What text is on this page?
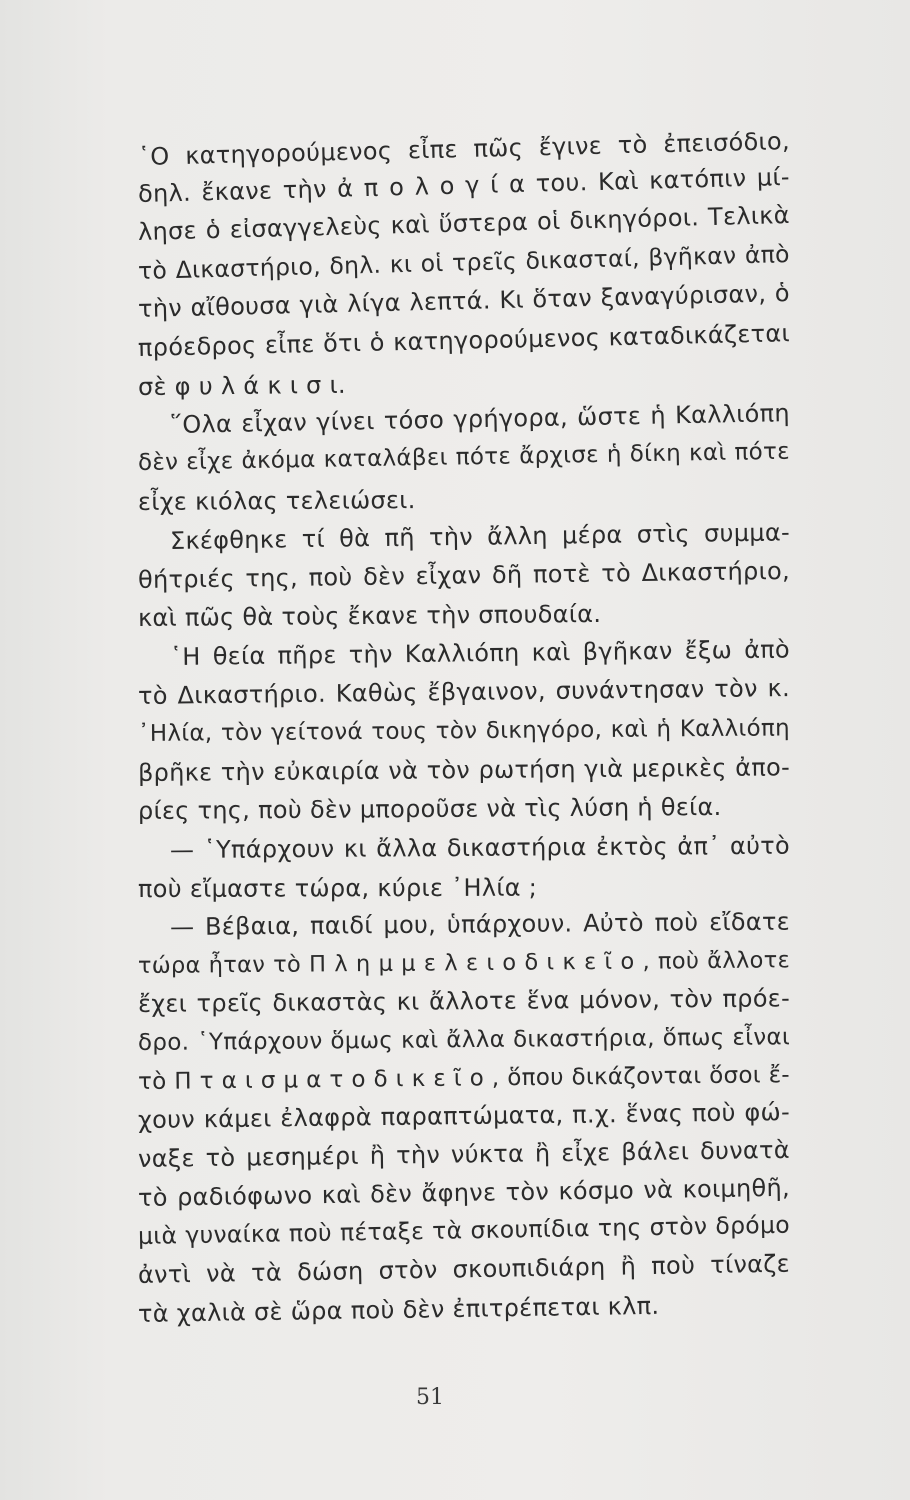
῾Ο κατηγορούμενος εἶπε πῶς ἔγινε τὸ ἐπεισόδιο,
δηλ. ἔκανε τὴν ἀ π ο λ ο γ ί α του. Καὶ κατόπιν μί-
λησε ὁ εἰσαγγελεὺς καὶ ὕστερα οἱ δικηγόροι. Τελικὰ
τὸ Δικαστήριο, δηλ. κι οἱ τρεῖς δικασταί, βγῆκαν ἀπὸ
τὴν αἴθουσα γιὰ λίγα λεπτά. Κι ὅταν ξαναγύρισαν, ὁ
πρόεδρος εἶπε ὅτι ὁ κατηγορούμενος καταδικάζεται
σὲ φ υ λ ά κ ι σ ι.
῞Ολα εἶχαν γίνει τόσο γρήγορα, ὥστε ἡ Καλλιόπη
δὲν εἶχε ἀκόμα καταλάβει πότε ἄρχισε ἡ δίκη καὶ πότε
εἶχε κιόλας τελειώσει.
Σκέφθηκε τί θὰ πῆ τὴν ἄλλη μέρα στὶς συμμα-
θήτριές της, ποὺ δὲν εἶχαν δῆ ποτὲ τὸ Δικαστήριο,
καὶ πῶς θὰ τοὺς ἔκανε τὴν σπουδαία.
῾Η θεία πῆρε τὴν Καλλιόπη καὶ βγῆκαν ἔξω ἀπὸ
τὸ Δικαστήριο. Καθὼς ἔβγαινον, συνάντησαν τὸν κ.
᾿Ηλία, τὸν γείτονά τους τὸν δικηγόρο, καὶ ἡ Καλλιόπη
βρῆκε τὴν εὐκαιρία νὰ τὸν ρωτήση γιὰ μερικὲς ἀπο-
ρίες της, ποὺ δὲν μποροῦσε νὰ τὶς λύση ἡ θεία.
— ῾Υπάρχουν κι ἄλλα δικαστήρια ἐκτὸς ἀπ᾿ αὐτὸ
ποὺ εἴμαστε τώρα, κύριε ᾿Ηλία ;
— Βέβαια, παιδί μου, ὑπάρχουν. Αὐτὸ ποὺ εἴδατε
τώρα ἦταν τὸ Π λ η μ μ ε λ ε ι ο δ ι κ ε ῖ ο , ποὺ ἄλλοτε
ἔχει τρεῖς δικαστὰς κι ἄλλοτε ἕνα μόνον, τὸν πρόε-
δρο. ῾Υπάρχουν ὅμως καὶ ἄλλα δικαστήρια, ὅπως εἶναι
τὸ Π τ α ι σ μ α τ ο δ ι κ ε ῖ ο , ὅπου δικάζονται ὅσοι ἔ-
χουν κάμει ἐλαφρὰ παραπτώματα, π.χ. ἕνας ποὺ φώ-
ναξε τὸ μεσημέρι ἢ τὴν νύκτα ἢ εἶχε βάλει δυνατὰ
τὸ ραδιόφωνο καὶ δὲν ἄφηνε τὸν κόσμο νὰ κοιμηθῆ,
μιὰ γυναίκα ποὺ πέταξε τὰ σκουπίδια της στὸν δρόμο
ἀντὶ νὰ τὰ δώση στὸν σκουπιδιάρη ἢ ποὺ τίναζε
τὰ χαλιὰ σὲ ὥρα ποὺ δὲν ἐπιτρέπεται κλπ.
51
